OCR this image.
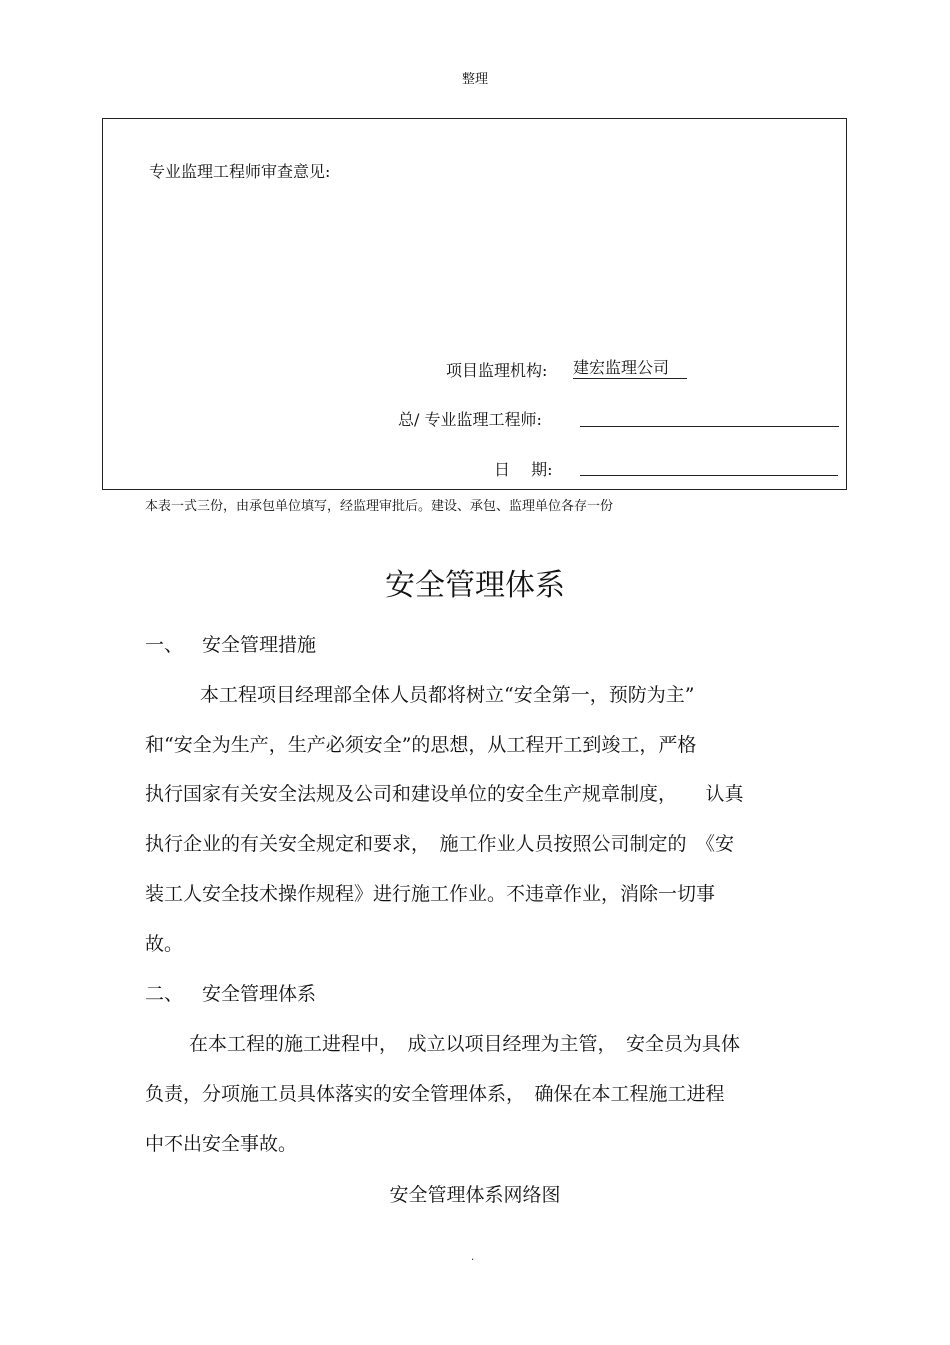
整理
专业监理工程师审查意见:
项目监理机构: 建宏监理公司
总/ 专业监理工程师:
日　 期:
本表一式三份，由承包单位填写，经监理审批后。建设、承包、监理单位各存一份
安全管理体系
一、 安全管理措施
本工程项目经理部全体人员都将树立“安全第一，预防为主”
和“安全为生产，生产必须安全”的思想，从工程开工到竣工，严格
执行国家有关安全法规及公司和建设单位的安全生产规章制度，　　认真
执行企业的有关安全规定和要求，　施工作业人员按照公司制定的　《安
装工人安全技术操作规程》进行施工作业。不违章作业，消除一切事
故。
二、 安全管理体系
在本工程的施工进程中，　成立以项目经理为主管，　安全员为具体
负责，分项施工员具体落实的安全管理体系，　确保在本工程施工进程
中不出安全事故。
安全管理体系网络图
.
